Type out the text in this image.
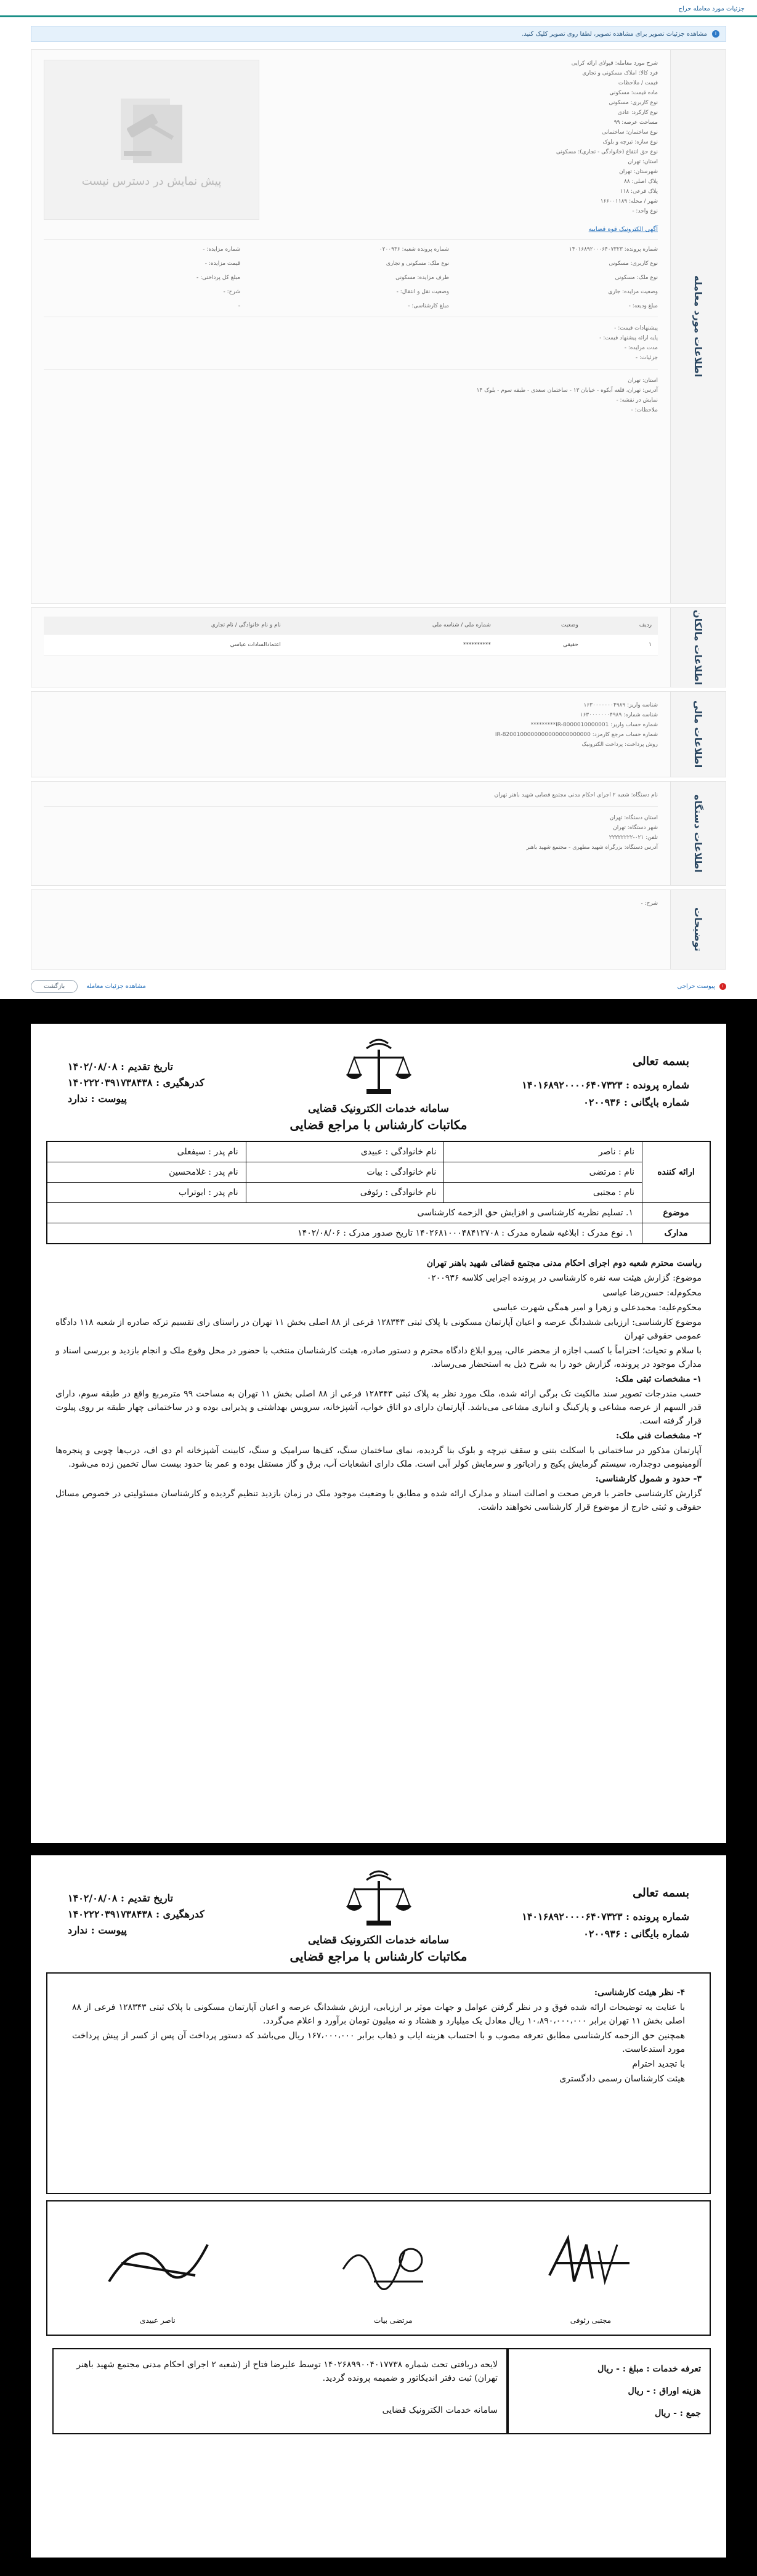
جزئیات مورد معامله حراج
i
مشاهده جزئیات تصویر برای مشاهده تصویر، لطفا روی تصویر کلیک کنید.
اطلاعات مورد معامله
شرح مورد معامله: قپولای ارائه کرایی
فرد کالا: املاک مسکونی و تجاری
قیمت / ملاحظات
ماده قیمت: مسکونی
نوع کاربری: مسکونی
نوع کارکرد: عادی
مساحت عرصه: ۹۹
نوع ساختمان: ساختمانی
نوع سازه: تیرچه و بلوک
نوع حق انتفاع (خانوادگی - تجاری): مسکونی
استان: تهران
شهرستان: تهران
پلاک اصلی: ۸۸
پلاک فرعی: ۱۱۸
شهر / محله: ۱۶۶۰۰۱۱۸۹
نوع واحد: -
پیش نمایش در دسترس نیست
آگهی الکترونیک قوه قضاییه
شماره پرونده: ۱۴۰۱۶۸۹۲۰۰۰۶۴۰۷۳۲۳
شماره پرونده شعبه: ۰۲۰۰۹۳۶
شماره مزایده: -
نوع کاربری: مسکونی
نوع ملک: مسکونی و تجاری
قیمت مزایده: -
نوع ملک: مسکونی
طرف مزایده: مسکونی
مبلغ کل پرداختی: -
وضعیت مزایده: جاری
وضعیت نقل و انتقال: -
شرح: -
مبلغ ودیعه: -
مبلغ کارشناسی: -
-
پیشنهادات قیمت: -
پایه ارائه پیشنهاد قیمت: -
مدت مزایده: -
جزئیات: -
استان: تهران
آدرس: تهران، قلعه آبکوه - خیابان ۱۳ - ساختمان سعدی - طبقه سوم - بلوک ۱۴
نمایش در نقشه: -
ملاحظات: -
اطلاعات مالکان
ردیف	وضعیت	شماره ملی / شناسه ملی	نام و نام خانوادگی / نام تجاری
۱	حقیقی	**********	اعتمادالسادات عباسی
اطلاعات مالی
شناسه واریز: ۱۶۳۰۰۰۰۰۰۰۴۹۸۹
شناسه شماره: ۱۶۳۰۰۰۰۰۰۰۴۹۸۹
شماره حساب واریز: IR-8000010000001*********
شماره حساب مرجع کارمزد: IR-8200100000000000000000000
روش پرداخت: پرداخت الکترونیک
اطلاعات دستگاه
نام دستگاه: شعبه ۲ اجرای احکام مدنی مجتمع قضایی شهید باهنر تهران
استان دستگاه: تهران
شهر دستگاه: تهران
تلفن: ۰۲۱-۲۲۲۲۲۲۲۲
آدرس دستگاه: بزرگراه شهید مطهری - مجتمع شهید باهنر
توضیحات
شرح: -
۱ پیوست حراجی
مشاهده جزئیات معامله
بازگشت
بسمه تعالی
شماره پرونده : ۱۴۰۱۶۸۹۲۰۰۰۰۶۴۰۷۳۲۳
شماره بایگانی : ۰۲۰۰۹۳۶
تاریخ تقدیم : ۱۴۰۲/۰۸/۰۸
کدرهگیری : ۱۴۰۲۲۲۰۳۹۱۷۳۸۴۳۸
پیوست : ندارد
سامانه خدمات الکترونیک قضایی
مکاتبات کارشناس با مراجع قضایی
ارائه کننده
نام : ناصر
نام خانوادگی : عبیدی
نام پدر : سیفعلی
نام : مرتضی
نام خانوادگی : بیات
نام پدر : غلامحسین
نام : مجتبی
نام خانوادگی : رئوفی
نام پدر : ابوتراب
موضوع
۱. تسلیم نظریه کارشناسی و افزایش حق الزحمه کارشناسی
مدارک
۱. نوع مدرک : ابلاغیه شماره مدرک : ۱۴۰۲۶۸۱۰۰۰۴۸۴۱۲۷۰۸ تاریخ صدور مدرک : ۱۴۰۲/۰۸/۰۶

ریاست محترم شعبه دوم اجرای احکام مدنی مجتمع قضائی شهید باهنر تهران

موضوع: گزارش هیئت سه نفره کارشناسی در پرونده اجرایی کلاسه ۰۲۰۰۹۳۶

محکوم‌له: حسن‌رضا عباسی

محکوم‌علیه: محمدعلی و زهرا و امیر همگی شهرت عباسی

موضوع کارشناسی: ارزیابی ششدانگ عرصه و اعیان آپارتمان مسکونی با پلاک ثبتی ۱۲۸۳۴۳ فرعی از ۸۸ اصلی بخش ۱۱ تهران در راستای رای تقسیم ترکه صادره از شعبه ۱۱۸ دادگاه عمومی حقوقی تهران

با سلام و تحیات؛ احتراماً با کسب اجازه از محضر عالی، پیرو ابلاغ دادگاه محترم و دستور صادره، هیئت کارشناسان منتخب با حضور در محل وقوع ملک و انجام بازدید و بررسی اسناد و مدارک موجود در پرونده، گزارش خود را به شرح ذیل به استحضار می‌رساند.

۱- مشخصات ثبتی ملک:

حسب مندرجات تصویر سند مالکیت تک برگی ارائه شده، ملک مورد نظر به پلاک ثبتی ۱۲۸۳۴۳ فرعی از ۸۸ اصلی بخش ۱۱ تهران به مساحت ۹۹ مترمربع واقع در طبقه سوم، دارای قدر السهم از عرصه مشاعی و پارکینگ و انباری مشاعی می‌باشد. آپارتمان دارای دو اتاق خواب، آشپزخانه، سرویس بهداشتی و پذیرایی بوده و در ساختمانی چهار طبقه بر روی پیلوت قرار گرفته است.

۲- مشخصات فنی ملک:

آپارتمان مذکور در ساختمانی با اسکلت بتنی و سقف تیرچه و بلوک بنا گردیده، نمای ساختمان سنگ، کف‌ها سرامیک و سنگ، کابینت آشپزخانه ام دی اف، درب‌ها چوبی و پنجره‌ها آلومینیومی دوجداره، سیستم گرمایش پکیج و رادیاتور و سرمایش کولر آبی است. ملک دارای انشعابات آب، برق و گاز مستقل بوده و عمر بنا حدود بیست سال تخمین زده می‌شود.

۳- حدود و شمول کارشناسی:

گزارش کارشناسی حاضر با فرض صحت و اصالت اسناد و مدارک ارائه شده و مطابق با وضعیت موجود ملک در زمان بازدید تنظیم گردیده و کارشناسان مسئولیتی در خصوص مسائل حقوقی و ثبتی خارج از موضوع قرار کارشناسی نخواهند داشت.

بسمه تعالی
شماره پرونده : ۱۴۰۱۶۸۹۲۰۰۰۰۶۴۰۷۳۲۳
شماره بایگانی : ۰۲۰۰۹۳۶
تاریخ تقدیم : ۱۴۰۲/۰۸/۰۸
کدرهگیری : ۱۴۰۲۲۲۰۳۹۱۷۳۸۴۳۸
پیوست : ندارد
سامانه خدمات الکترونیک قضایی
مکاتبات کارشناس با مراجع قضایی

۴- نظر هیئت کارشناسی:

با عنایت به توضیحات ارائه شده فوق و در نظر گرفتن عوامل و جهات موثر بر ارزیابی، ارزش ششدانگ عرصه و اعیان آپارتمان مسکونی با پلاک ثبتی ۱۲۸۳۴۳ فرعی از ۸۸ اصلی بخش ۱۱ تهران برابر ۱۰،۸۹۰،۰۰۰،۰۰۰ ریال معادل یک میلیارد و هشتاد و نه میلیون تومان برآورد و اعلام می‌گردد.

همچنین حق الزحمه کارشناسی مطابق تعرفه مصوب و با احتساب هزینه ایاب و ذهاب برابر ۱۶۷،۰۰۰،۰۰۰ ریال می‌باشد که دستور پرداخت آن پس از کسر از پیش پرداخت مورد استدعاست.

با تجدید احترام

هیئت کارشناسان رسمی دادگستری

ناصر عبیدی	مرتضی بیات	مجتبی رئوفی
تعرفه خدمات : مبلغ : - ریال
هزینه اوراق : - ریال
جمع : - ریال
لایحه دریافتی تحت شماره ۱۴۰۲۶۸۹۹۰۰۴۰۱۷۷۳۸ توسط علیرضا فتاح از (شعبه ۲ اجرای احکام مدنی مجتمع شهید باهنر تهران) ثبت دفتر اندیکاتور و ضمیمه پرونده گردید.
سامانه خدمات الکترونیک قضایی
